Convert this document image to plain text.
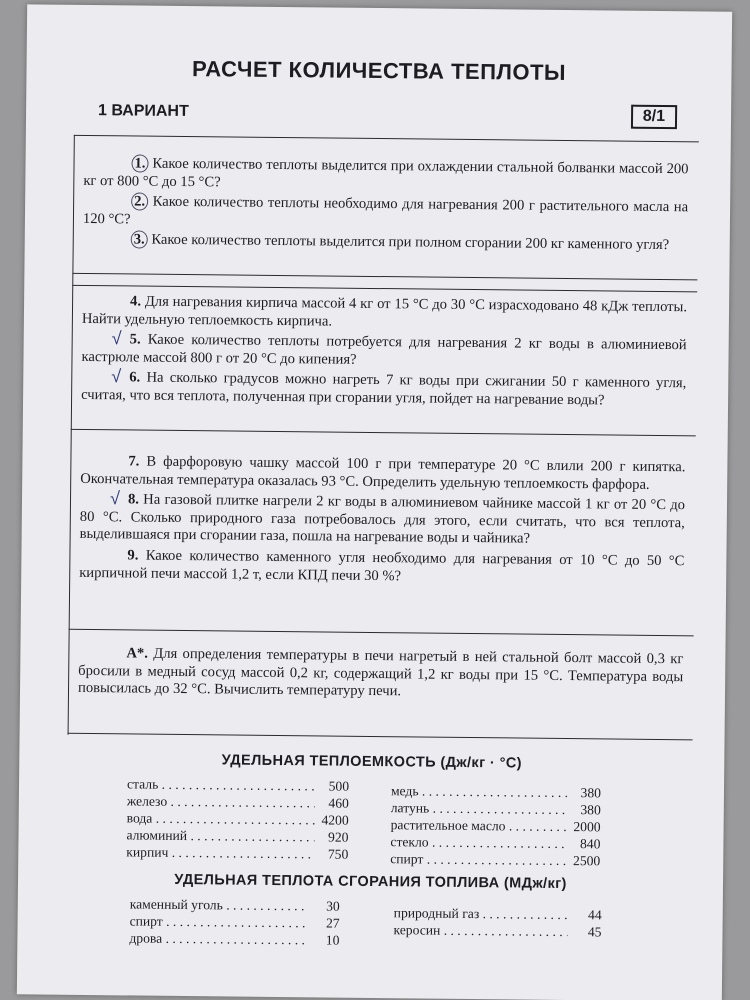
РАСЧЕТ КОЛИЧЕСТВА ТЕПЛОТЫ
1 ВАРИАНТ	8/1

1. Какое количество теплоты выделится при охлаждении стальной болванки массой 200 кг от 800 °С до 15 °С?

2. Какое количество теплоты необходимо для нагревания 200 г растительного масла на 120 °С?

3. Какое количество теплоты выделится при полном сгорании 200 кг каменного угля?

4. Для нагревания кирпича массой 4 кг от 15 °С до 30 °С израсходовано 48 кДж теплоты. Найти удельную теплоемкость кирпича.

√ 5. Какое количество теплоты потребуется для нагревания 2 кг воды в алюминиевой кастрюле массой 800 г от 20 °С до кипения?

√ 6. На сколько градусов можно нагреть 7 кг воды при сжигании 50 г каменного угля, считая, что вся теплота, полученная при сгорании угля, пойдет на нагревание воды?

7. В фарфоровую чашку массой 100 г при температуре 20 °С влили 200 г кипятка. Окончательная температура оказалась 93 °С. Определить удельную теплоемкость фарфора.

√ 8. На газовой плитке нагрели 2 кг воды в алюминиевом чайнике массой 1 кг от 20 °С до 80 °С. Сколько природного газа потребовалось для этого, если считать, что вся теплота, выделившаяся при сгорании газа, пошла на нагревание воды и чайника?

9. Какое количество каменного угля необходимо для нагревания от 10 °С до 50 °С кирпичной печи массой 1,2 т, если КПД печи 30 %?

A*. Для определения температуры в печи нагретый в ней стальной болт массой 0,3 кг бросили в медный сосуд массой 0,2 кг, содержащий 1,2 кг воды при 15 °С. Температура воды повысилась до 32 °С. Вычислить температуру печи.

УДЕЛЬНАЯ ТЕПЛОЕМКОСТЬ (Дж/кг · °С)
сталь . . .	500
железо . . .	460
вода . . .	4200
алюминий . . .	920
кирпич . . .	750
медь . . .	380
латунь . . .	380
растительное масло . . .	2000
стекло . . .	840
спирт . . .	2500
УДЕЛЬНАЯ ТЕПЛОТА СГОРАНИЯ ТОПЛИВА (МДж/кг)
каменный уголь . . .	30
спирт . . .	27
дрова . . .	10
природный газ . . .	44
керосин . . .	45
